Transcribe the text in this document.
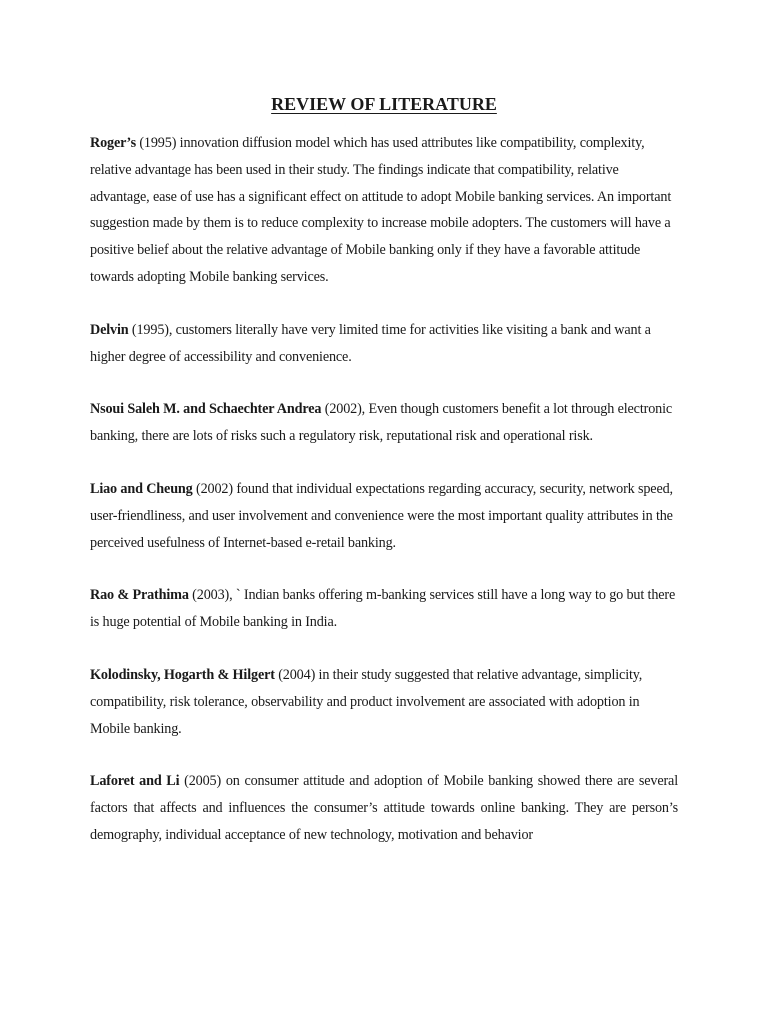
REVIEW OF LITERATURE

Roger’s (1995) innovation diffusion model which has used attributes like compatibility, complexity, relative advantage has been used in their study. The findings indicate that compatibility, relative advantage, ease of use has a significant effect on attitude to adopt Mobile banking services. An important suggestion made by them is to reduce complexity to increase mobile adopters. The customers will have a positive belief about the relative advantage of Mobile banking only if they have a favorable attitude towards adopting Mobile banking services.

Delvin (1995), customers literally have very limited time for activities like visiting a bank and want a higher degree of accessibility and convenience.

Nsoui Saleh M. and Schaechter Andrea (2002), Even though customers benefit a lot through electronic banking, there are lots of risks such a regulatory risk, reputational risk and operational risk.

Liao and Cheung (2002) found that individual expectations regarding accuracy, security, network speed, user-friendliness, and user involvement and convenience were the most important quality attributes in the perceived usefulness of Internet-based e-retail banking.

Rao & Prathima (2003), ` Indian banks offering m-banking services still have a long way to go but there is huge potential of Mobile banking in India.

Kolodinsky, Hogarth & Hilgert (2004) in their study suggested that relative advantage, simplicity, compatibility, risk tolerance, observability and product involvement are associated with adoption in Mobile banking.

Laforet and Li (2005) on consumer attitude and adoption of Mobile banking showed there are several factors that affects and influences the consumer’s attitude towards online banking. They are person’s demography, individual acceptance of new technology, motivation and behavior
